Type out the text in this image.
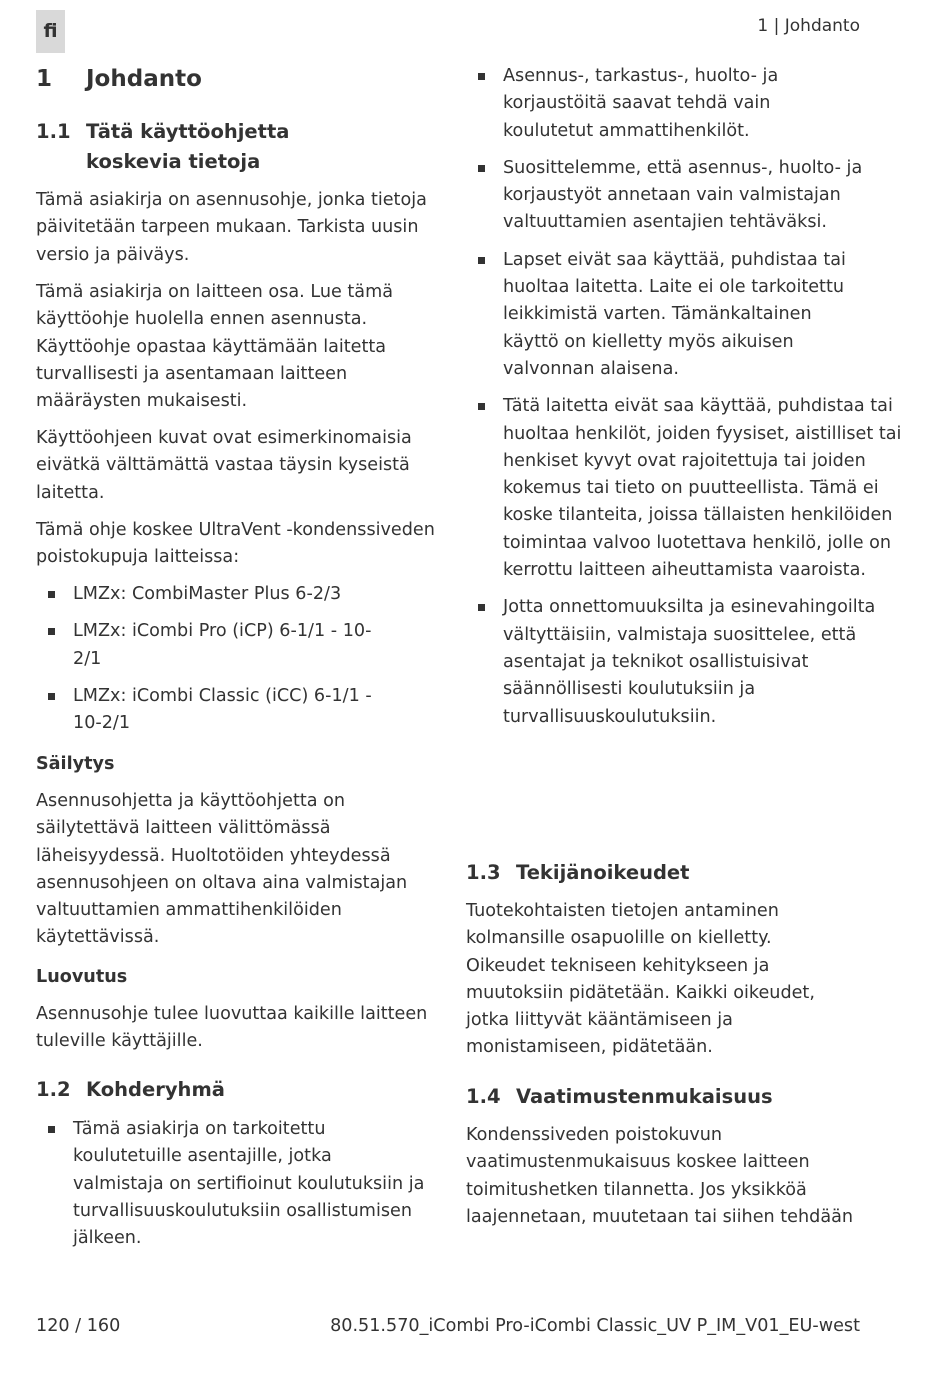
fi	1 | Johdanto
1 Johdanto
1.1 Tätä käyttöohjetta koskevia tietoja

Tämä asiakirja on asennusohje, jonka tietoja päivitetään tarpeen mukaan. Tarkista uusin versio ja päiväys.

Tämä asiakirja on laitteen osa. Lue tämä käyttöohje huolella ennen asennusta. Käyttöohje opastaa käyttämään laitetta turvallisesti ja asentamaan laitteen määräysten mukaisesti.

Käyttöohjeen kuvat ovat esimerkinomaisia eivätkä välttämättä vastaa täysin kyseistä laitetta.

Tämä ohje koskee UltraVent -kondenssiveden poistokupuja laitteissa:

LMZx: CombiMaster Plus 6-2/3
LMZx: iCombi Pro (iCP) 6-1/1 - 10-2/1
LMZx: iCombi Classic (iCC) 6-1/1 - 10-2/1
Säilytys

Asennusohjetta ja käyttöohjetta on säilytettävä laitteen välittömässä läheisyydessä. Huoltotöiden yhteydessä asennusohjeen on oltava aina valmistajan valtuuttamien ammattihenkilöiden käytettävissä.

Luovutus

Asennusohje tulee luovuttaa kaikille laitteen tuleville käyttäjille.

1.2 Kohderyhmä
Tämä asiakirja on tarkoitettu koulutetuille asentajille, jotka valmistaja on sertifioinut koulutuksiin ja turvallisuuskoulutuksiin osallistumisen jälkeen.
Asennus-, tarkastus-, huolto- ja korjaustöitä saavat tehdä vain koulutetut ammattihenkilöt.
Suosittelemme, että asennus-, huolto- ja korjaustyöt annetaan vain valmistajan valtuuttamien asentajien tehtäväksi.
Lapset eivät saa käyttää, puhdistaa tai huoltaa laitetta. Laite ei ole tarkoitettu leikkimistä varten. Tämänkaltainen käyttö on kielletty myös aikuisen valvonnan alaisena.
Tätä laitetta eivät saa käyttää, puhdistaa tai huoltaa henkilöt, joiden fyysiset, aistilliset tai henkiset kyvyt ovat rajoitettuja tai joiden kokemus tai tieto on puutteellista. Tämä ei koske tilanteita, joissa tällaisten henkilöiden toimintaa valvoo luotettava henkilö, jolle on kerrottu laitteen aiheuttamista vaaroista.
Jotta onnettomuuksilta ja esinevahingoilta vältyttäisiin, valmistaja suosittelee, että asentajat ja teknikot osallistuisivat säännöllisesti koulutuksiin ja turvallisuuskoulutuksiin.
1.3 Tekijänoikeudet

Tuotekohtaisten tietojen antaminen kolmansille osapuolille on kielletty. Oikeudet tekniseen kehitykseen ja muutoksiin pidätetään. Kaikki oikeudet, jotka liittyvät kääntämiseen ja monistamiseen, pidätetään.

1.4 Vaatimustenmukaisuus

Kondenssiveden poistokuvun vaatimustenmukaisuus koskee laitteen toimitushetken tilannetta. Jos yksikköä laajennetaan, muutetaan tai siihen tehdään

120 / 160	80.51.570_iCombi Pro-iCombi Classic_UV P_IM_V01_EU-west
